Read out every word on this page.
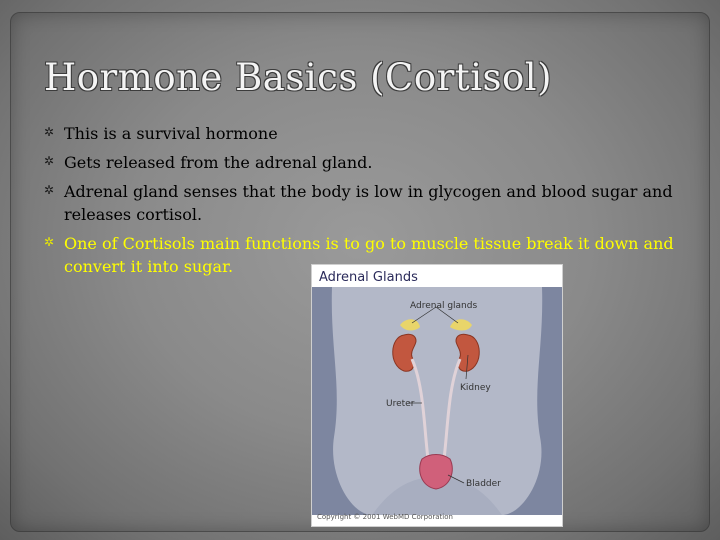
Hormone Basics (Cortisol)
✲ This is a survival hormone
✲ Gets released from the adrenal gland.
✲ Adrenal gland senses that the body is low in glycogen and blood sugar and releases cortisol.
✲ One of Cortisols main functions is to go to muscle tissue break it down and convert it into sugar.
Adrenal Glands
Adrenal glands
Kidney
Ureter
Bladder
Copyright © 2001 WebMD Corporation
